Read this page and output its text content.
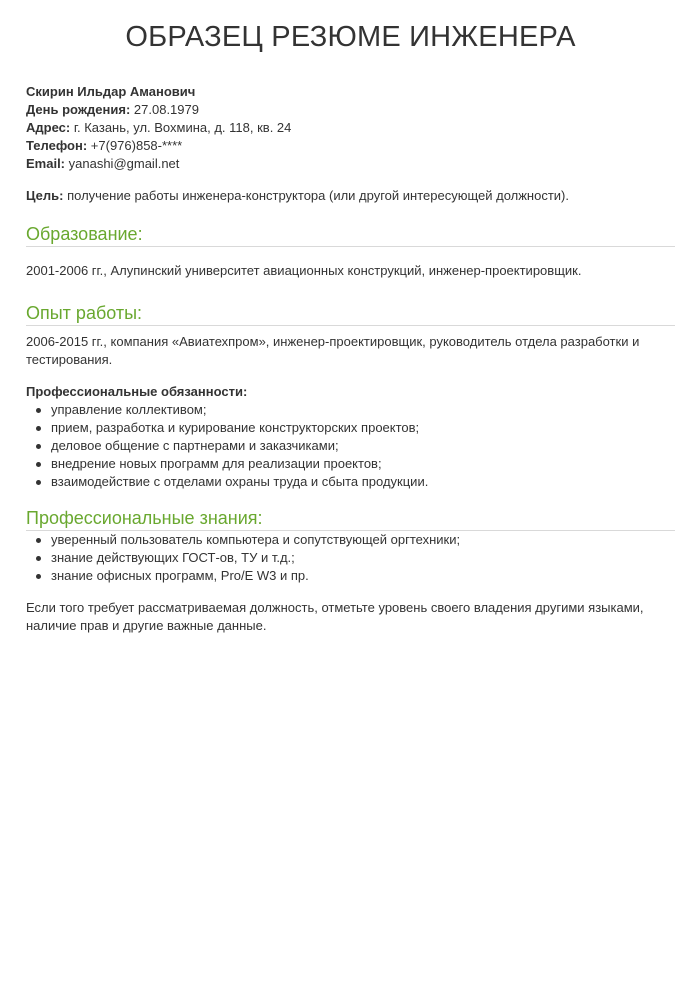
ОБРАЗЕЦ РЕЗЮМЕ ИНЖЕНЕРА
Скирин Ильдар Аманович
День рождения: 27.08.1979
Адрес: г. Казань, ул. Вохмина, д. 118, кв. 24
Телефон: +7(976)858-****
Email: yanashi@gmail.net
Цель: получение работы инженера-конструктора (или другой интересующей должности).
Образование:

2001-2006 гг., Алупинский университет авиационных конструкций, инженер-проектировщик.

Опыт работы:

2006-2015 гг., компания «Авиатехпром», инженер-проектировщик, руководитель отдела разработки и тестирования.

Профессиональные обязанности:
управление коллективом;
прием, разработка и курирование конструкторских проектов;
деловое общение с партнерами и заказчиками;
внедрение новых программ для реализации проектов;
взаимодействие с отделами охраны труда и сбыта продукции.
Профессиональные знания:
уверенный пользователь компьютера и сопутствующей оргтехники;
знание действующих ГОСТ-ов, ТУ и т.д.;
знание офисных программ, Pro/E W3 и пр.

Если того требует рассматриваемая должность, отметьте уровень своего владения другими языками, наличие прав и другие важные данные.
